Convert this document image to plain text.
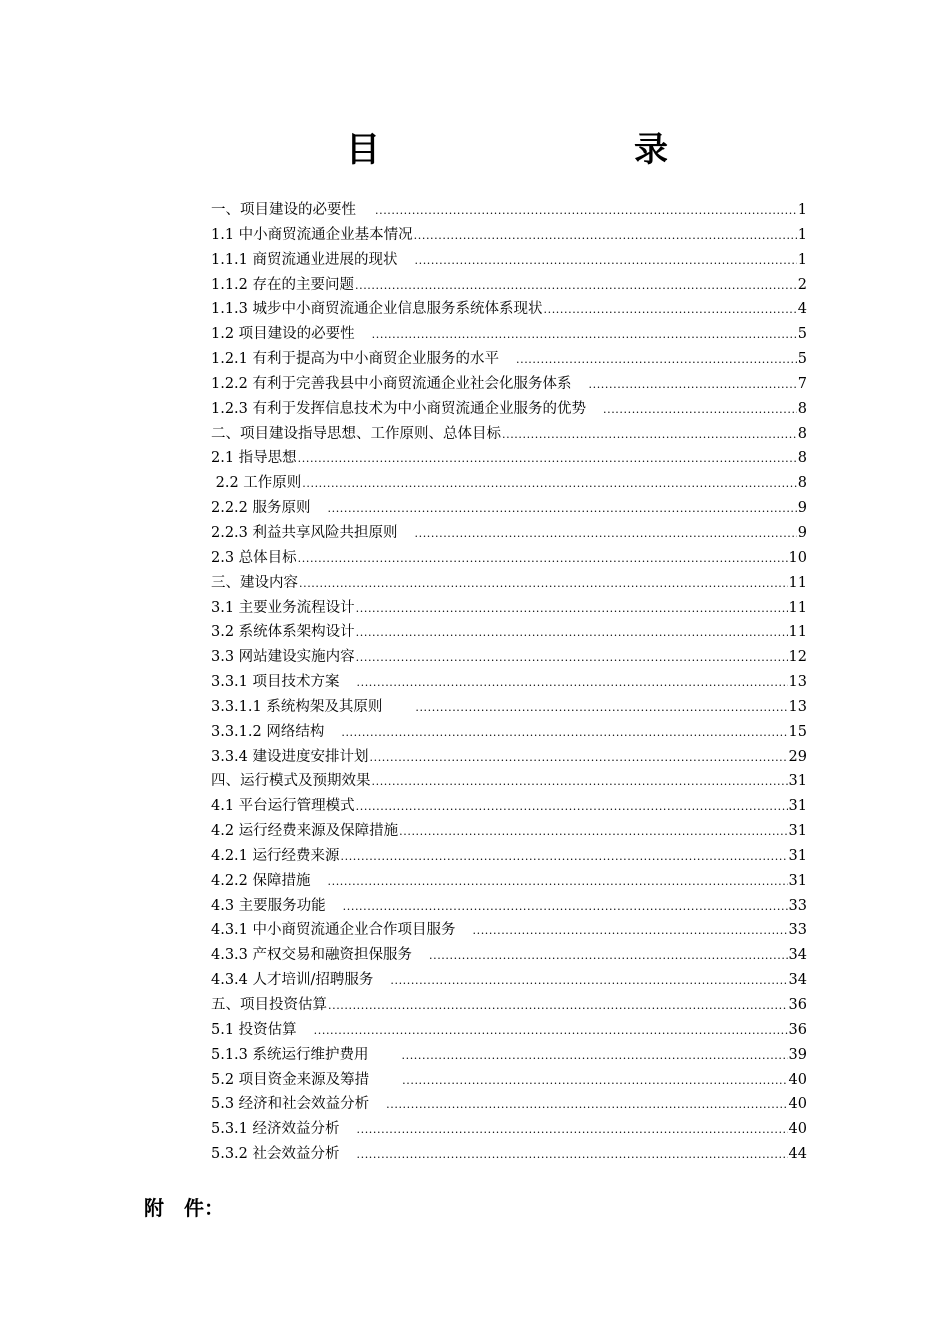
目　　录
一、项目建设的必要性 .....	1
1.1 中小商贸流通企业基本情况 .....	1
1.1.1 商贸流通业进展的现状 .....	1
1.1.2 存在的主要问题 .....	2
1.1.3 城步中小商贸流通企业信息服务系统体系现状 .....	4
1.2 项目建设的必要性 .....	5
1.2.1 有利于提高为中小商贸企业服务的水平 .....	5
1.2.2 有利于完善我县中小商贸流通企业社会化服务体系 .....	7
1.2.3 有利于发挥信息技术为中小商贸流通企业服务的优势 .....	8
二、项目建设指导思想、工作原则、总体目标 .....	8
2.1 指导思想 .....	8
2.2 工作原则 .....	8
2.2.2 服务原则 .....	9
2.2.3 利益共享风险共担原则 .....	9
2.3 总体目标 .....	10
三、建设内容 .....	11
3.1 主要业务流程设计 .....	11
3.2 系统体系架构设计 .....	11
3.3 网站建设实施内容 .....	12
3.3.1 项目技术方案 .....	13
3.3.1.1 系统构架及其原则 .....	13
3.3.1.2 网络结构 .....	15
3.3.4 建设进度安排计划 .....	29
四、运行模式及预期效果 .....	31
4.1 平台运行管理模式 .....	31
4.2 运行经费来源及保障措施 .....	31
4.2.1 运行经费来源 .....	31
4.2.2 保障措施 .....	31
4.3 主要服务功能 .....	33
4.3.1 中小商贸流通企业合作项目服务 .....	33
4.3.3 产权交易和融资担保服务 .....	34
4.3.4 人才培训/招聘服务 .....	34
五、项目投资估算 .....	36
5.1 投资估算 .....	36
5.1.3 系统运行维护费用 .....	39
5.2 项目资金来源及筹措 .....	40
5.3 经济和社会效益分析 .....	40
5.3.1 经济效益分析 .....	40
5.3.2 社会效益分析 .....	44
附　件：
